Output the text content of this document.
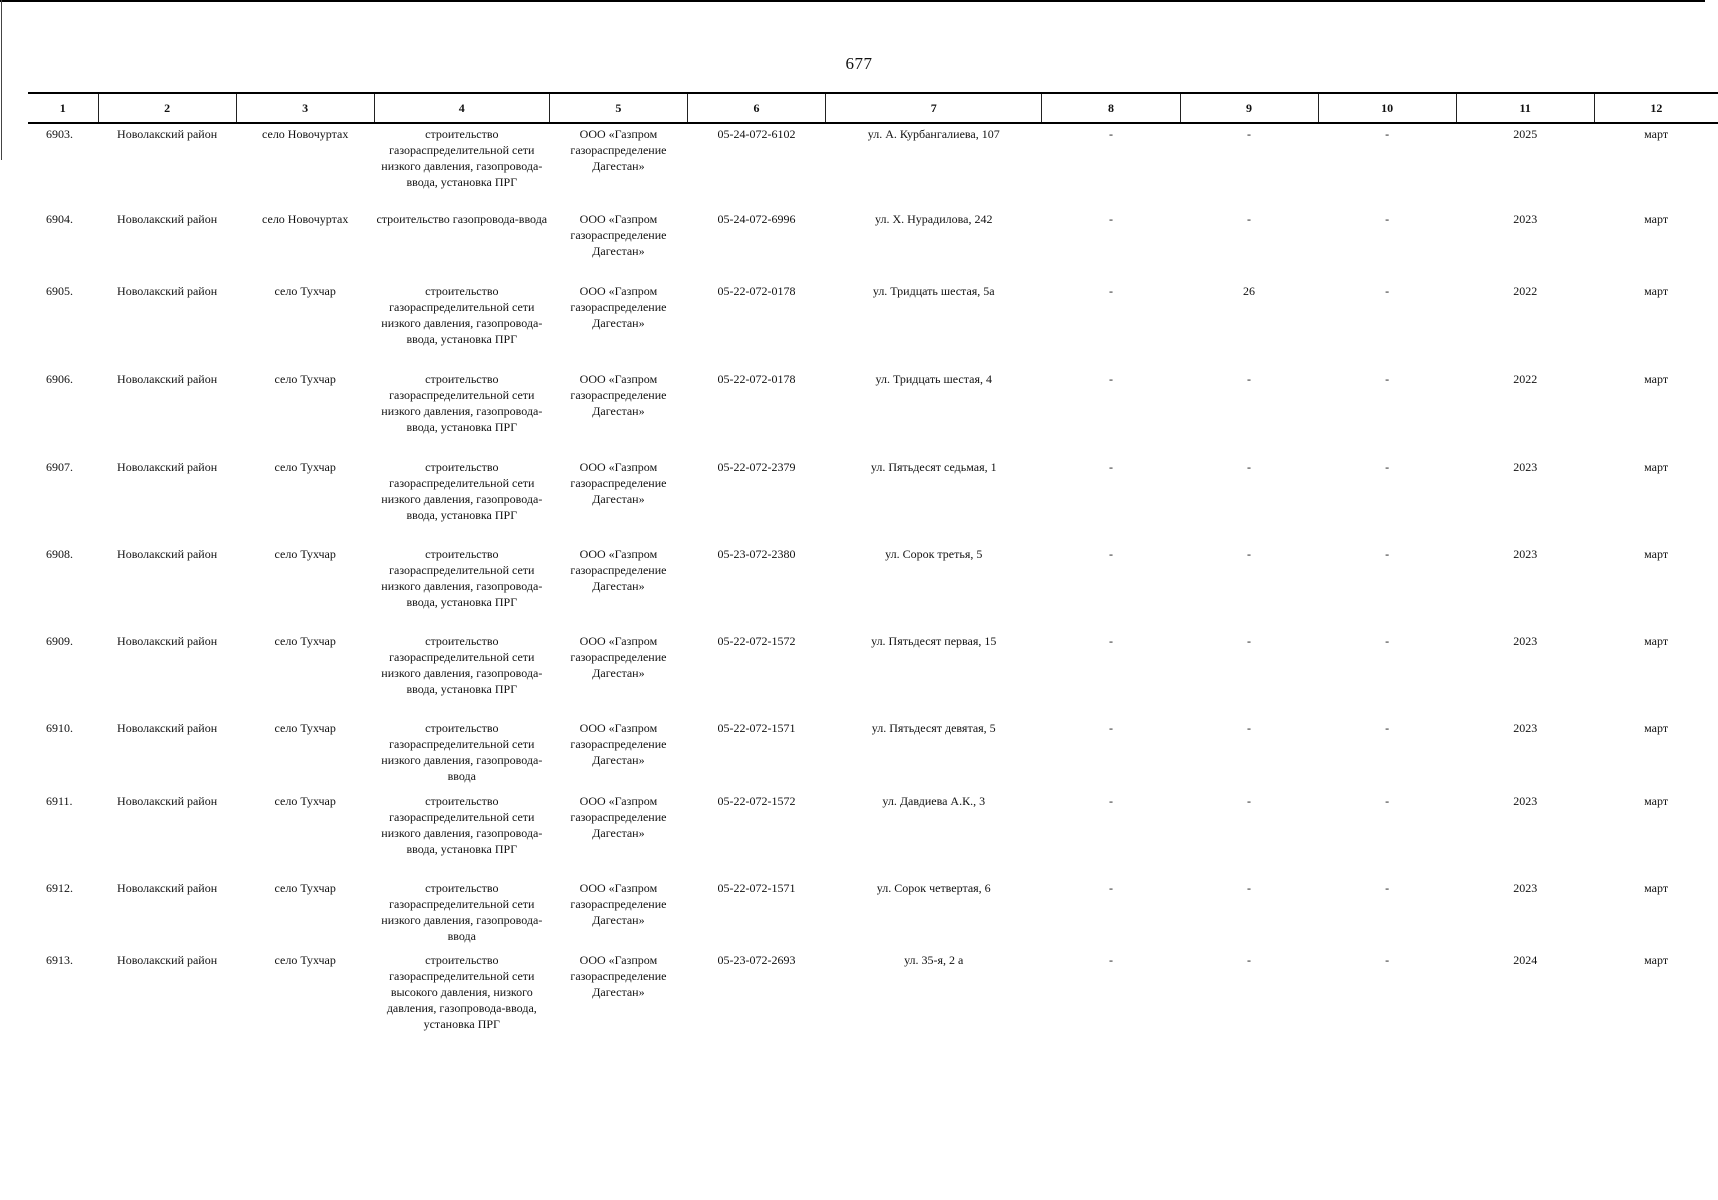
677
1	2	3	4	5	6	7	8	9	10	11	12

6903.	Новолакский район	село Новочуртах	строительство газораспределительной сети низкого давления, газопровода-ввода, установка ПРГ	ООО «Газпром газораспределение Дагестан»	05-24-072-6102	ул. А. Курбангалиева, 107	-	-	-	2025	март

6904.	Новолакский район	село Новочуртах	строительство газопровода-ввода	ООО «Газпром газораспределение Дагестан»	05-24-072-6996	ул. Х. Нурадилова, 242	-	-	-	2023	март

6905.	Новолакский район	село Тухчар	строительство газораспределительной сети низкого давления, газопровода-ввода, установка ПРГ	ООО «Газпром газораспределение Дагестан»	05-22-072-0178	ул. Тридцать шестая, 5а	-	26	-	2022	март

6906.	Новолакский район	село Тухчар	строительство газораспределительной сети низкого давления, газопровода-ввода, установка ПРГ	ООО «Газпром газораспределение Дагестан»	05-22-072-0178	ул. Тридцать шестая, 4	-	-	-	2022	март

6907.	Новолакский район	село Тухчар	строительство газораспределительной сети низкого давления, газопровода-ввода, установка ПРГ	ООО «Газпром газораспределение Дагестан»	05-22-072-2379	ул. Пятьдесят седьмая, 1	-	-	-	2023	март

6908.	Новолакский район	село Тухчар	строительство газораспределительной сети низкого давления, газопровода-ввода, установка ПРГ	ООО «Газпром газораспределение Дагестан»	05-23-072-2380	ул. Сорок третья, 5	-	-	-	2023	март

6909.	Новолакский район	село Тухчар	строительство газораспределительной сети низкого давления, газопровода-ввода, установка ПРГ	ООО «Газпром газораспределение Дагестан»	05-22-072-1572	ул. Пятьдесят первая, 15	-	-	-	2023	март

6910.	Новолакский район	село Тухчар	строительство газораспределительной сети низкого давления, газопровода-ввода	ООО «Газпром газораспределение Дагестан»	05-22-072-1571	ул. Пятьдесят девятая, 5	-	-	-	2023	март

6911.	Новолакский район	село Тухчар	строительство газораспределительной сети низкого давления, газопровода-ввода, установка ПРГ	ООО «Газпром газораспределение Дагестан»	05-22-072-1572	ул. Давдиева А.К., 3	-	-	-	2023	март

6912.	Новолакский район	село Тухчар	строительство газораспределительной сети низкого давления, газопровода-ввода	ООО «Газпром газораспределение Дагестан»	05-22-072-1571	ул. Сорок четвертая, 6	-	-	-	2023	март

6913.	Новолакский район	село Тухчар	строительство газораспределительной сети высокого давления, низкого давления, газопровода-ввода, установка ПРГ	ООО «Газпром газораспределение Дагестан»	05-23-072-2693	ул. 35-я, 2 а	-	-	-	2024	март
